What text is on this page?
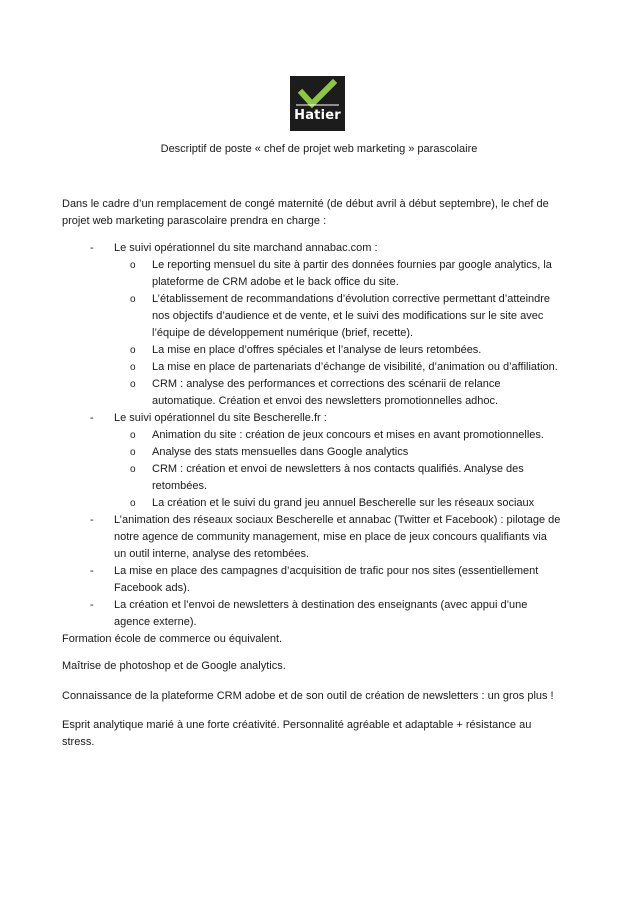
Hatier
Descriptif de poste « chef de projet web marketing » parascolaire
Dans le cadre d’un remplacement de congé maternité (de début avril à début septembre), le chef de projet web marketing parascolaire prendra en charge :
- Le suivi opérationnel du site marchand annabac.com :
o Le reporting mensuel du site à partir des données fournies par google analytics, la plateforme de CRM adobe et le back office du site.
o L’établissement de recommandations d’évolution corrective permettant d’atteindre nos objectifs d’audience et de vente, et le suivi des modifications sur le site avec l’équipe de développement numérique (brief, recette).
o La mise en place d’offres spéciales et l’analyse de leurs retombées.
o La mise en place de partenariats d’échange de visibilité, d’animation ou d’affiliation.
o CRM : analyse des performances et corrections des scénarii de relance automatique. Création et envoi des newsletters promotionnelles adhoc.
- Le suivi opérationnel du site Bescherelle.fr :
o Animation du site : création de jeux concours et mises en avant promotionnelles.
o Analyse des stats mensuelles dans Google analytics
o CRM : création et envoi de newsletters à nos contacts qualifiés. Analyse des retombées.
o La création et le suivi du grand jeu annuel Bescherelle sur les réseaux sociaux
- L’animation des réseaux sociaux Bescherelle et annabac (Twitter et Facebook) : pilotage de notre agence de community management, mise en place de jeux concours qualifiants via un outil interne, analyse des retombées.
- La mise en place des campagnes d’acquisition de trafic pour nos sites (essentiellement Facebook ads).
- La création et l’envoi de newsletters à destination des enseignants (avec appui d’une agence externe).
Formation école de commerce ou équivalent.
Maîtrise de photoshop et de Google analytics.
Connaissance de la plateforme CRM adobe et de son outil de création de newsletters : un gros plus !
Esprit analytique marié à une forte créativité. Personnalité agréable et adaptable + résistance au stress.
